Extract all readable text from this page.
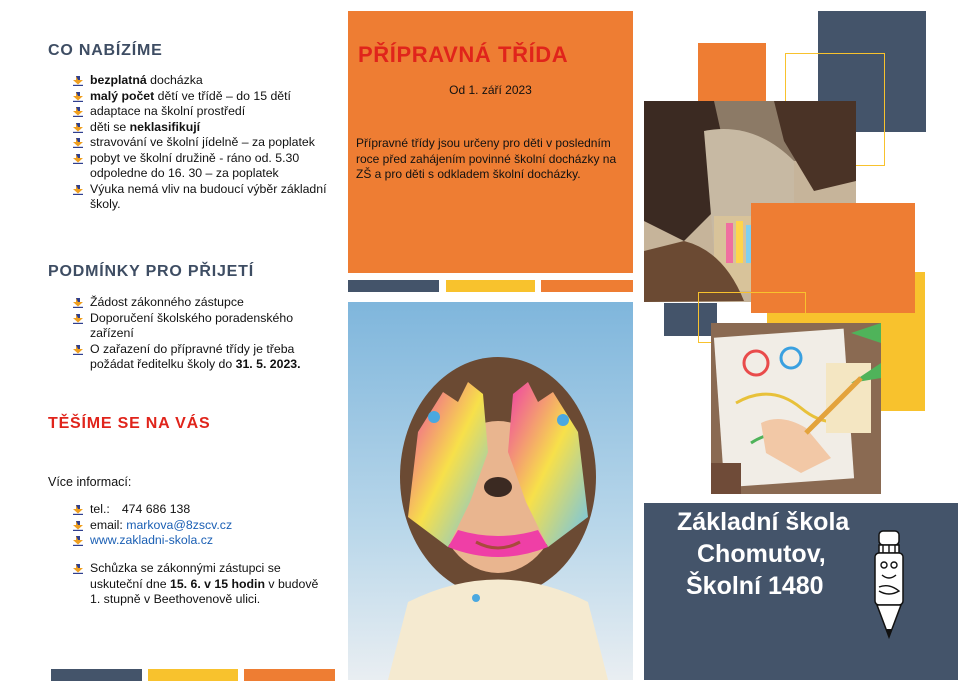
CO NABÍZÍME
bezplatná docházka
malý počet dětí ve třídě – do 15 dětí
adaptace na školní prostředí
děti se neklasifikují
stravování ve školní jídelně – za poplatek
pobyt ve školní družině - ráno od. 5.30 odpoledne do 16. 30 – za poplatek
Výuka nemá vliv na budoucí výběr základní školy.
PODMÍNKY PRO PŘIJETÍ
Žádost zákonného zástupce
Doporučení školského poradenského zařízení
O zařazení do přípravné třídy je třeba požádat ředitelku školy do 31. 5. 2023.
TĚŠÍME SE NA VÁS
Více informací:
tel.: 474 686 138
email: markova@8zscv.cz
www.zakladni-skola.cz
Schůzka se zákonnými zástupci se uskuteční dne 15. 6. v 15 hodin v budově 1. stupně v Beethovenově ulici.
PŘÍPRAVNÁ TŘÍDA
Od 1. září 2023
Přípravné třídy jsou určeny pro děti v posledním roce před zahájením povinné školní docházky na ZŠ a pro děti s odkladem školní docházky.
Základní škola
Chomutov,
Školní 1480
